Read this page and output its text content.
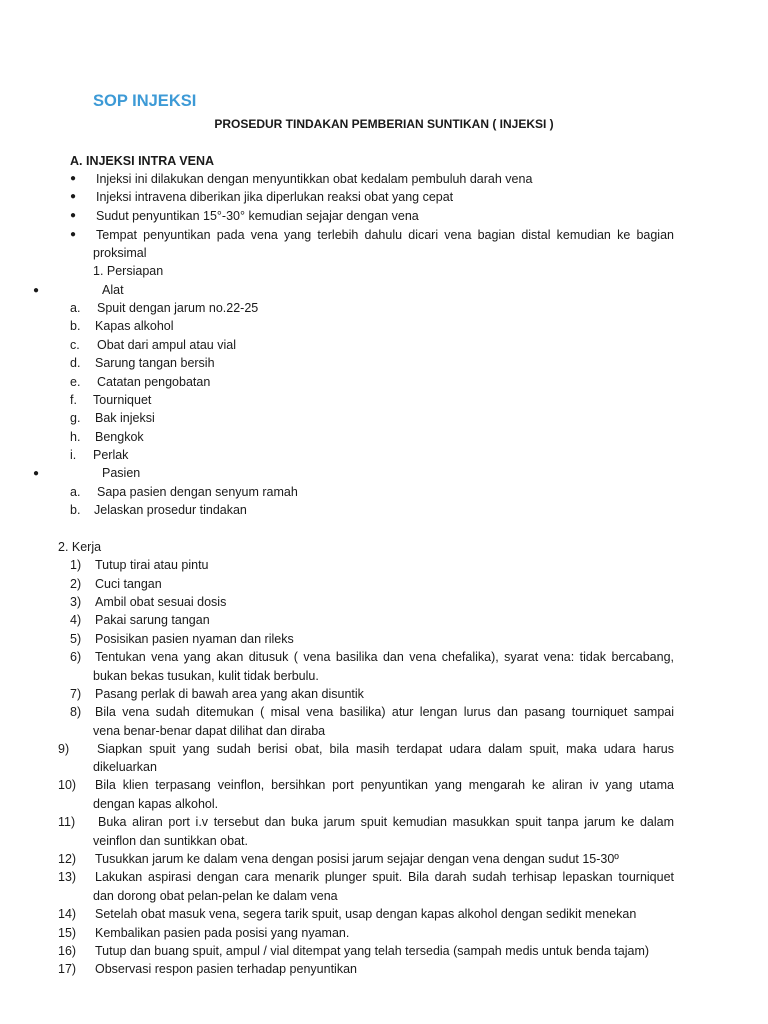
SOP INJEKSI
PROSEDUR TINDAKAN PEMBERIAN SUNTIKAN ( INJEKSI )
A. INJEKSI INTRA VENA
● Injeksi ini dilakukan dengan menyuntikkan obat kedalam pembuluh darah vena
● Injeksi intravena diberikan jika diperlukan reaksi obat yang cepat
● Sudut penyuntikan 15°-30° kemudian sejajar dengan vena
● Tempat penyuntikan pada vena yang terlebih dahulu dicari vena bagian distal kemudian ke bagian
proksimal
1. Persiapan
●	Alat
a. Spuit dengan jarum no.22-25
b. Kapas alkohol
c. Obat dari ampul atau vial
d. Sarung tangan bersih
e. Catatan pengobatan
f. Tourniquet
g. Bak injeksi
h. Bengkok
i. Perlak
●	Pasien
a. Sapa pasien dengan senyum ramah
b. Jelaskan prosedur tindakan
2. Kerja
1) Tutup tirai atau pintu
2) Cuci tangan
3) Ambil obat sesuai dosis
4) Pakai sarung tangan
5) Posisikan pasien nyaman dan rileks
6) Tentukan vena yang akan ditusuk ( vena basilika dan vena chefalika), syarat vena: tidak bercabang,
bukan bekas tusukan, kulit tidak berbulu.
7) Pasang perlak di bawah area yang akan disuntik
8) Bila vena sudah ditemukan ( misal vena basilika) atur lengan lurus dan pasang tourniquet sampai
vena benar-benar dapat dilihat dan diraba
9) Siapkan spuit yang sudah berisi obat, bila masih terdapat udara dalam spuit, maka udara harus
dikeluarkan
10) Bila klien terpasang veinflon, bersihkan port penyuntikan yang mengarah ke aliran iv yang utama
dengan kapas alkohol.
11) Buka aliran port i.v tersebut dan buka jarum spuit kemudian masukkan spuit tanpa jarum ke dalam
veinflon dan suntikkan obat.
12) Tusukkan jarum ke dalam vena dengan posisi jarum sejajar dengan vena dengan sudut 15-30º
13) Lakukan aspirasi dengan cara menarik plunger spuit. Bila darah sudah terhisap lepaskan tourniquet
dan dorong obat pelan-pelan ke dalam vena
14) Setelah obat masuk vena, segera tarik spuit, usap dengan kapas alkohol dengan sedikit menekan
15) Kembalikan pasien pada posisi yang nyaman.
16) Tutup dan buang spuit, ampul / vial ditempat yang telah tersedia (sampah medis untuk benda tajam)
17) Observasi respon pasien terhadap penyuntikan
